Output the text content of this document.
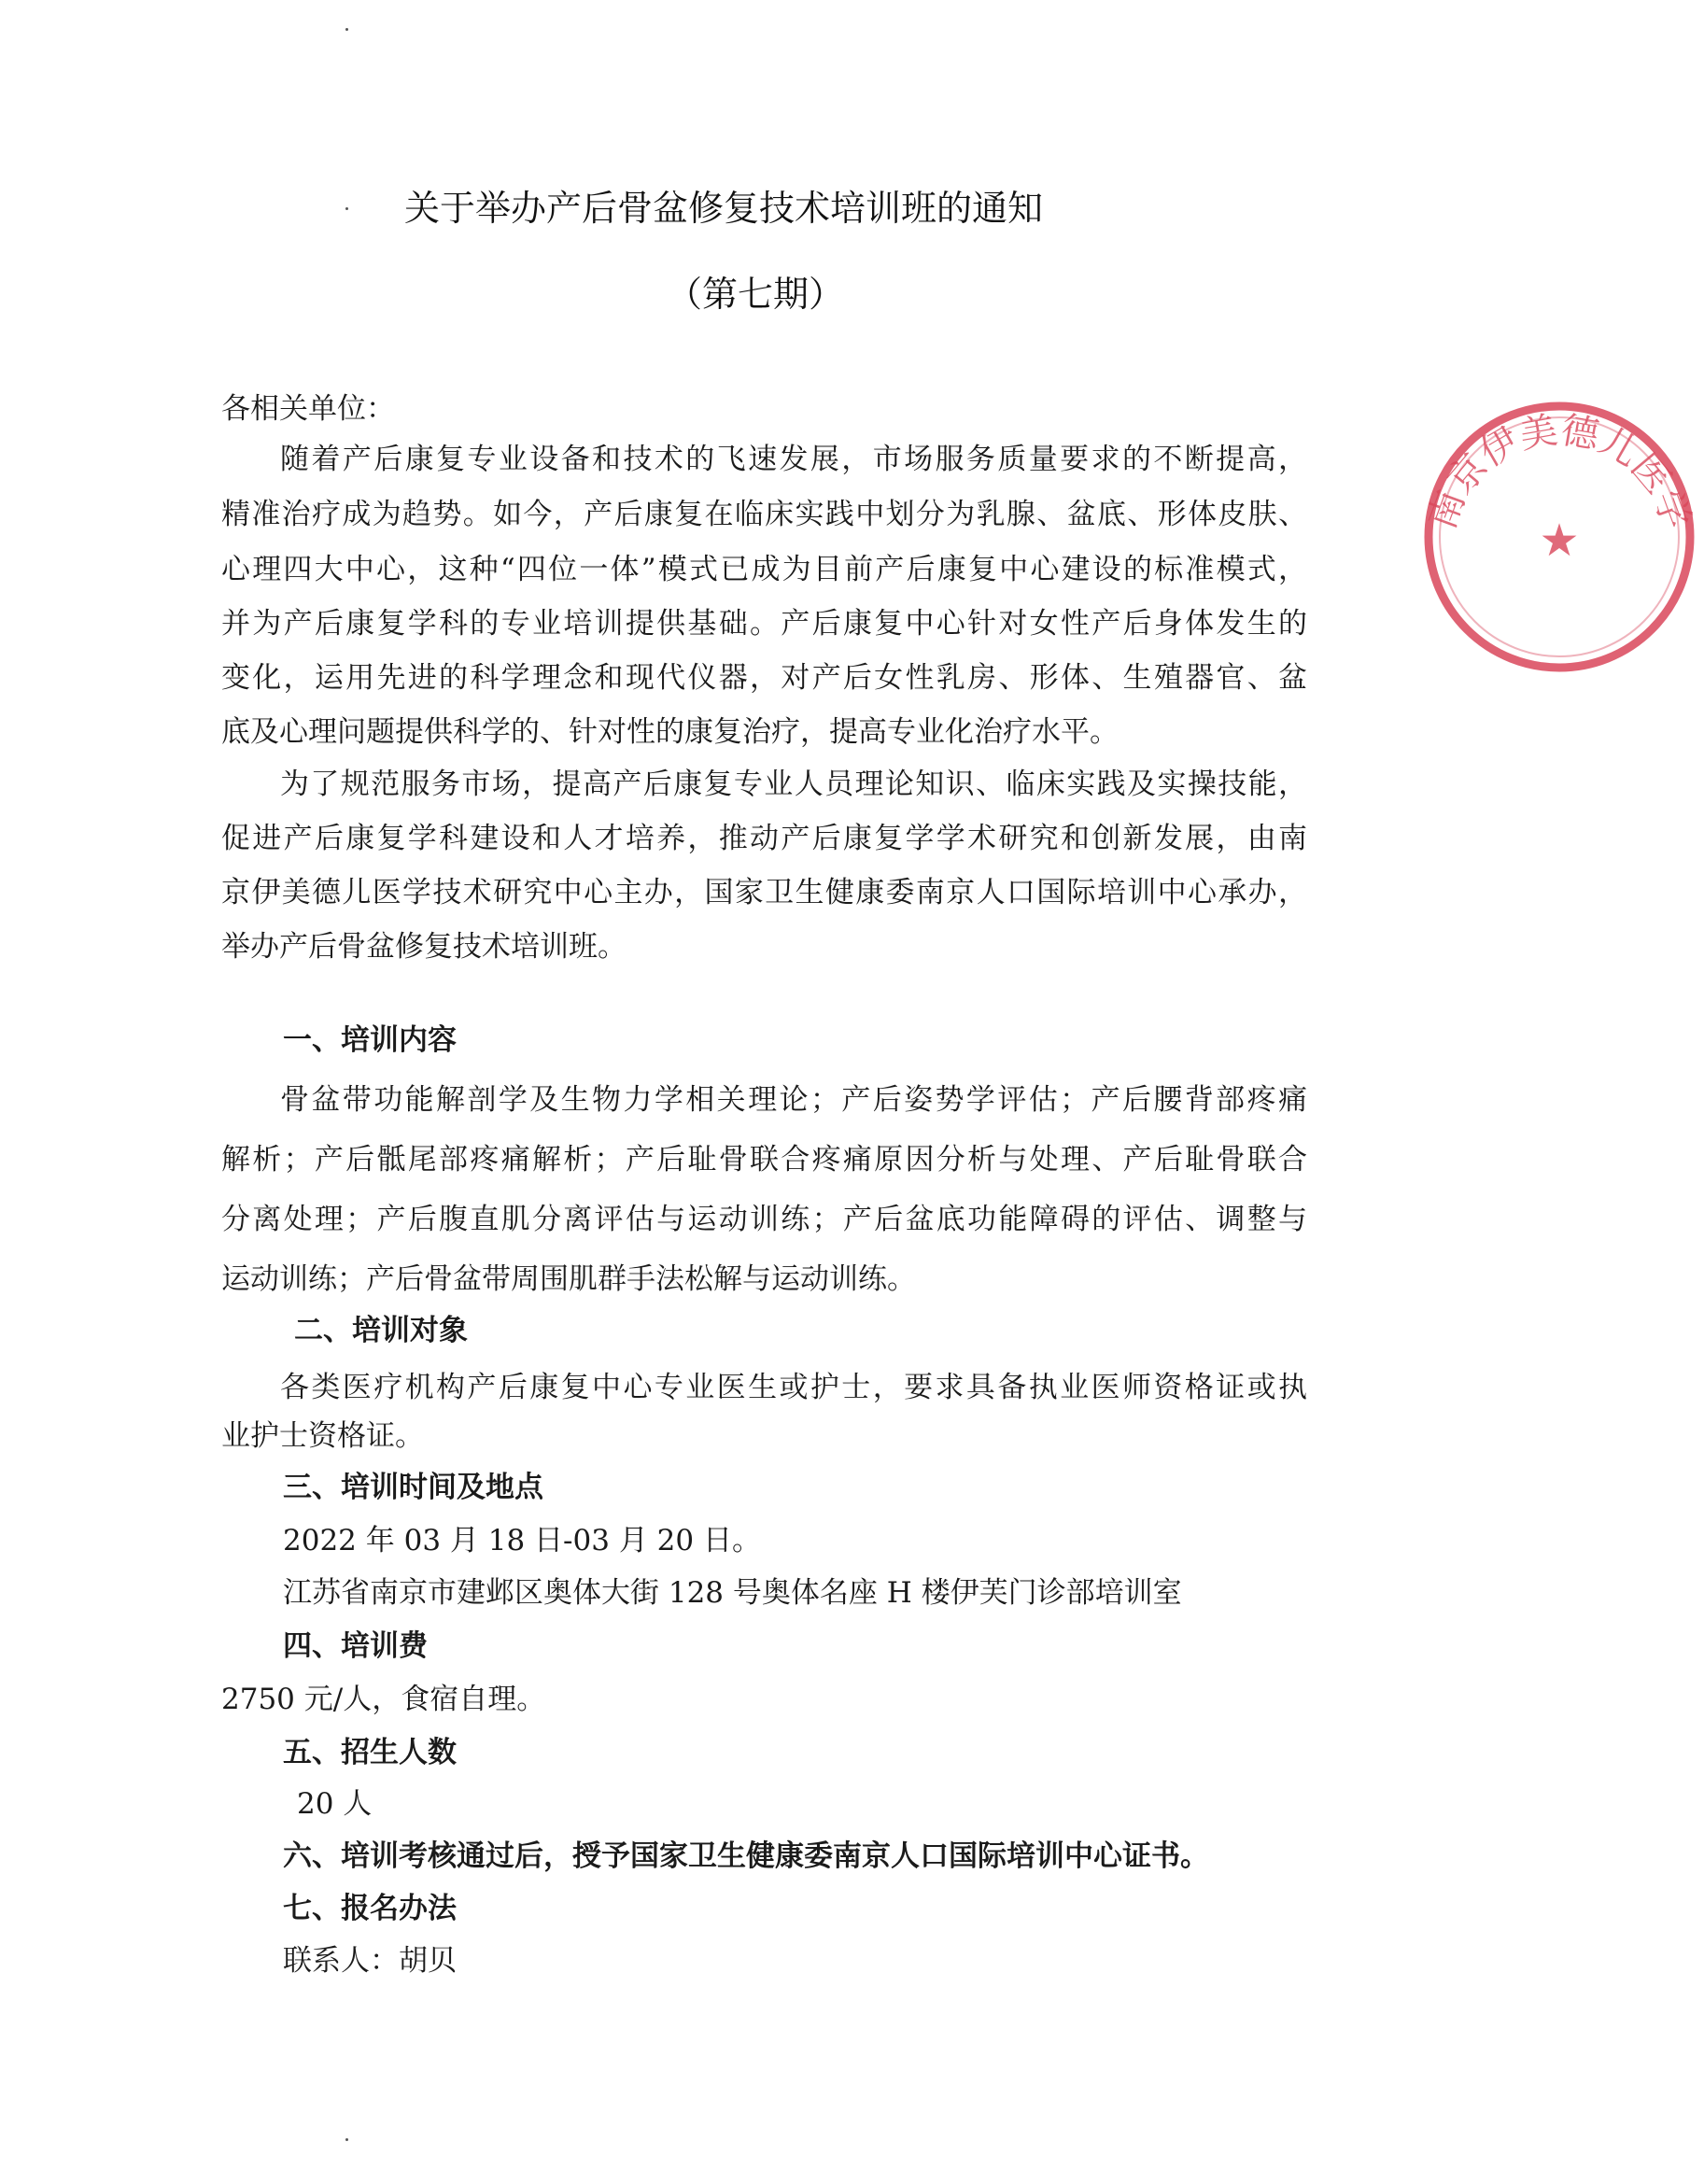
关于举办产后骨盆修复技术培训班的通知
（第七期）
各相关单位：
随着产后康复专业设备和技术的飞速发展，市场服务质量要求的不断提高，
精准治疗成为趋势。如今，产后康复在临床实践中划分为乳腺、盆底、形体皮肤、
心理四大中心，这种“四位一体”模式已成为目前产后康复中心建设的标准模式，
并为产后康复学科的专业培训提供基础。产后康复中心针对女性产后身体发生的
变化，运用先进的科学理念和现代仪器，对产后女性乳房、形体、生殖器官、盆
底及心理问题提供科学的、针对性的康复治疗，提高专业化治疗水平。
为了规范服务市场，提高产后康复专业人员理论知识、临床实践及实操技能，
促进产后康复学科建设和人才培养，推动产后康复学学术研究和创新发展，由南
京伊美德儿医学技术研究中心主办，国家卫生健康委南京人口国际培训中心承办，
举办产后骨盆修复技术培训班。
一、培训内容
骨盆带功能解剖学及生物力学相关理论；产后姿势学评估；产后腰背部疼痛
解析；产后骶尾部疼痛解析；产后耻骨联合疼痛原因分析与处理、产后耻骨联合
分离处理；产后腹直肌分离评估与运动训练；产后盆底功能障碍的评估、调整与
运动训练；产后骨盆带周围肌群手法松解与运动训练。
二、培训对象
各类医疗机构产后康复中心专业医生或护士，要求具备执业医师资格证或执
业护士资格证。
三、培训时间及地点
2022 年 03 月 18 日-03 月 20 日。
江苏省南京市建邺区奥体大街 128 号奥体名座 H 楼伊芙门诊部培训室
四、培训费
2750 元/人，食宿自理。
五、招生人数
20 人
六、培训考核通过后，授予国家卫生健康委南京人口国际培训中心证书。
七、报名办法
联系人：胡贝
南京伊美德儿医学
★
